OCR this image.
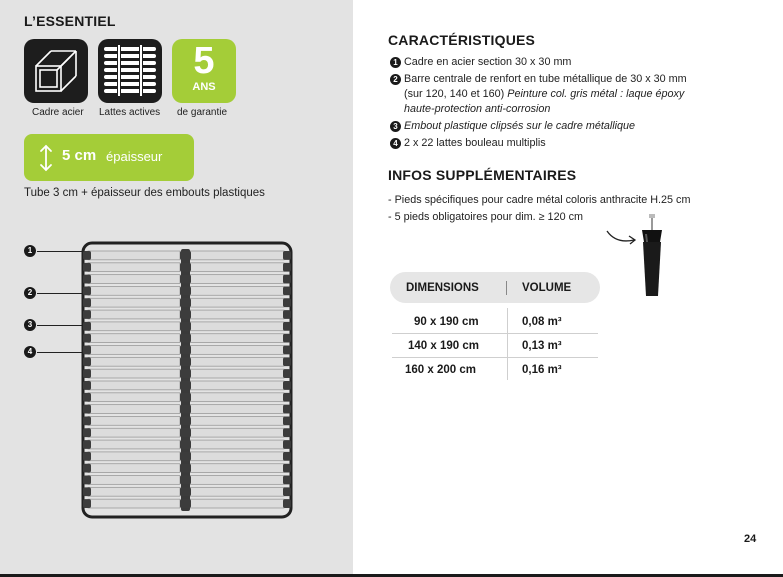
L’ESSENTIEL
Cadre acier Lattes actives
5
ANS
de garantie
5 cm épaisseur
Tube 3 cm + épaisseur des embouts plastiques
1
2
3
4
CARACTÉRISTIQUES
1 Cadre en acier section 30 x 30 mm
2 Barre centrale de renfort en tube métallique de 30 x 30 mm
(sur 120, 140 et 160) Peinture col. gris métal : laque époxy
haute-protection anti-corrosion
3 Embout plastique clipsés sur le cadre métallique
4 2 x 22 lattes bouleau multiplis
INFOS SUPPLÉMENTAIRES
- Pieds spécifiques pour cadre métal coloris anthracite H.25 cm
- 5 pieds obligatoires pour dim. ≥ 120 cm
DIMENSIONS	VOLUME
90 x 190 cm	0,08 m³
140 x 190 cm	0,13 m³
160 x 200 cm	0,16 m³
24
